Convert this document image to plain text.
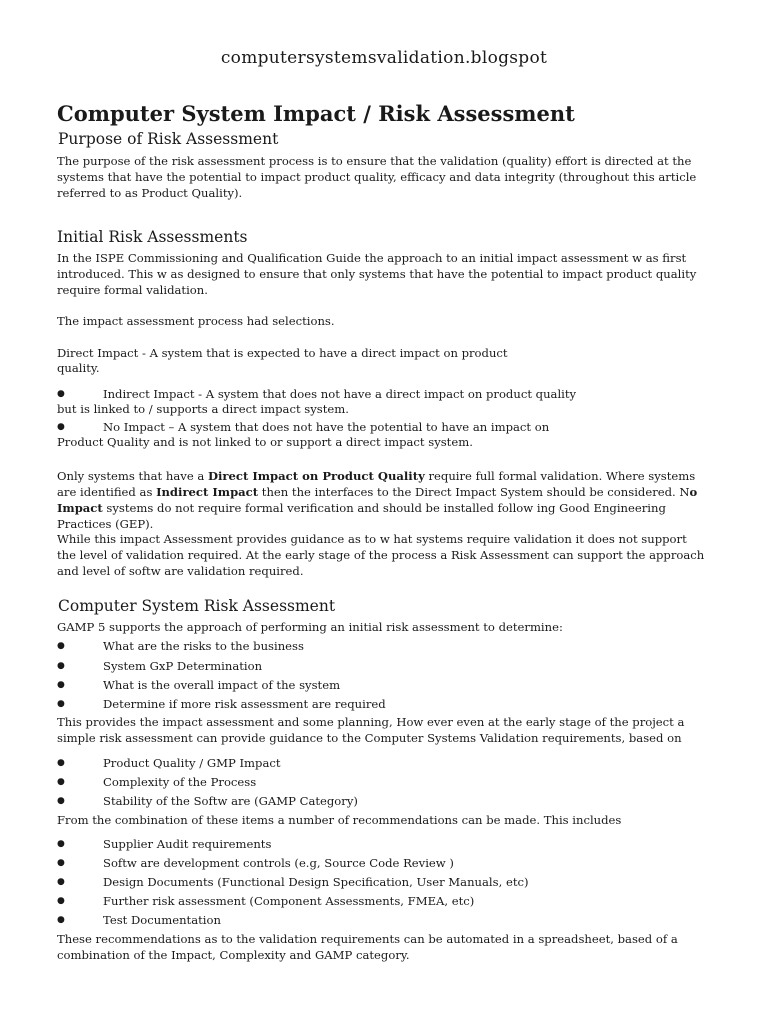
computersystemsvalidation.blogspot
Computer System Impact / Risk Assessment
Purpose of Risk Assessment
The purpose of the risk assessment process is to ensure that the validation (quality) effort is directed at the systems that have the potential to impact product quality, efficacy and data integrity (throughout this article referred to as Product Quality).
Initial Risk Assessments
In the ISPE Commissioning and Qualification Guide the approach to an initial impact assessment w as first introduced. This w as designed to ensure that only systems that have the potential to impact product quality require formal validation.
The impact assessment process had selections.
Direct Impact - A system that is expected to have a direct impact on product
quality.
●	Indirect Impact - A system that does not have a direct impact on product quality
but is linked to / supports a direct impact system.
●	No Impact – A system that does not have the potential to have an impact on
Product Quality and is not linked to or support a direct impact system.
Only systems that have a Direct Impact on Product Quality require full formal validation. Where systems are identified as Indirect Impact then the interfaces to the Direct Impact System should be considered. No Impact systems do not require formal verification and should be installed follow ing Good Engineering Practices (GEP).
While this impact Assessment provides guidance as to w hat systems require validation it does not support the level of validation required. At the early stage of the process a Risk Assessment can support the approach and level of softw are validation required.
Computer System Risk Assessment
GAMP 5 supports the approach of performing an initial risk assessment to determine:
●	What are the risks to the business
●	System GxP Determination
●	What is the overall impact of the system
●	Determine if more risk assessment are required
This provides the impact assessment and some planning, How ever even at the early stage of the project a simple risk assessment can provide guidance to the Computer Systems Validation requirements, based on
●	Product Quality / GMP Impact
●	Complexity of the Process
●	Stability of the Softw are (GAMP Category)
From the combination of these items a number of recommendations can be made. This includes
●	Supplier Audit requirements
●	Softw are development controls (e.g, Source Code Review )
●	Design Documents (Functional Design Specification, User Manuals, etc)
●	Further risk assessment (Component Assessments, FMEA, etc)
●	Test Documentation
These recommendations as to the validation requirements can be automated in a spreadsheet, based of a combination of the Impact, Complexity and GAMP category.
